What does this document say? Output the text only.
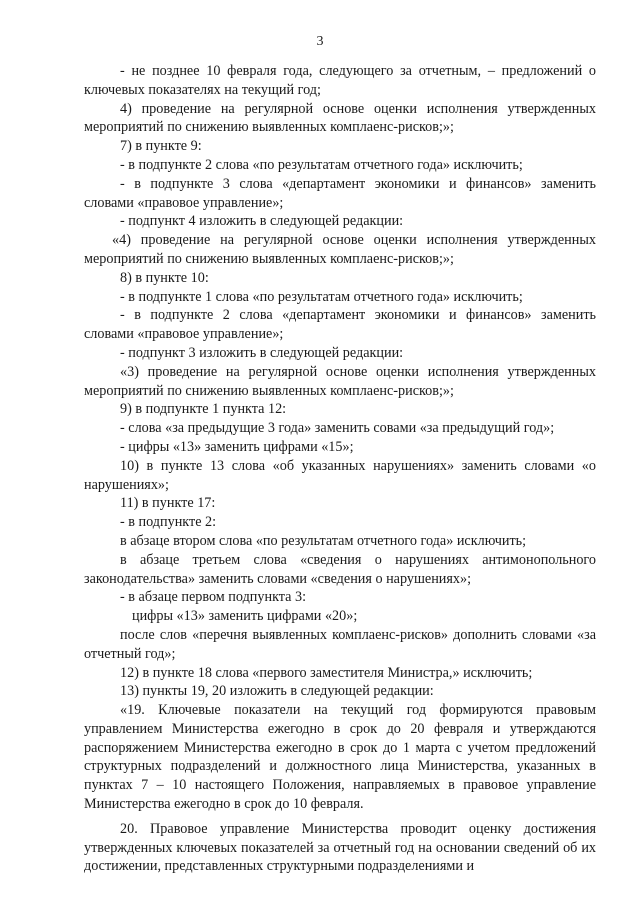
3

- не позднее 10 февраля года, следующего за отчетным, – предложений о ключевых показателях на текущий год;

4) проведение на регулярной основе оценки исполнения утвержденных мероприятий по снижению выявленных комплаенс-рисков;»;

7) в пункте 9:

- в подпункте 2 слова «по результатам отчетного года» исключить;

- в подпункте 3 слова «департамент экономики и финансов» заменить словами «правовое управление»;

- подпункт 4 изложить в следующей редакции:

«4) проведение на регулярной основе оценки исполнения утвержденных мероприятий по снижению выявленных комплаенс-рисков;»;

8) в пункте 10:

- в подпункте 1 слова «по результатам отчетного года» исключить;

- в подпункте 2 слова «департамент экономики и финансов» заменить словами «правовое управление»;

- подпункт 3 изложить в следующей редакции:

«3) проведение на регулярной основе оценки исполнения утвержденных мероприятий по снижению выявленных комплаенс-рисков;»;

9) в подпункте 1 пункта 12:

- слова «за предыдущие 3 года» заменить совами «за предыдущий год»;

- цифры «13» заменить цифрами «15»;

10) в пункте 13 слова «об указанных нарушениях» заменить словами «о нарушениях»;

11) в пункте 17:

- в подпункте 2:

в абзаце втором слова «по результатам отчетного года» исключить;

в абзаце третьем слова «сведения о нарушениях антимонопольного законодательства» заменить словами «сведения о нарушениях»;

- в абзаце первом подпункта 3:

цифры «13» заменить цифрами «20»;

после слов «перечня выявленных комплаенс-рисков» дополнить словами «за отчетный год»;

12) в пункте 18 слова «первого заместителя Министра,» исключить;

13) пункты 19, 20 изложить в следующей редакции:

«19. Ключевые показатели на текущий год формируются правовым управлением Министерства ежегодно в срок до 20 февраля и утверждаются распоряжением Министерства ежегодно в срок до 1 марта с учетом предложений структурных подразделений и должностного лица Министерства, указанных в пунктах 7 – 10 настоящего Положения, направляемых в правовое управление Министерства ежегодно в срок до 10 февраля.

20. Правовое управление Министерства проводит оценку достижения утвержденных ключевых показателей за отчетный год на основании сведений об их достижении, представленных структурными подразделениями и
